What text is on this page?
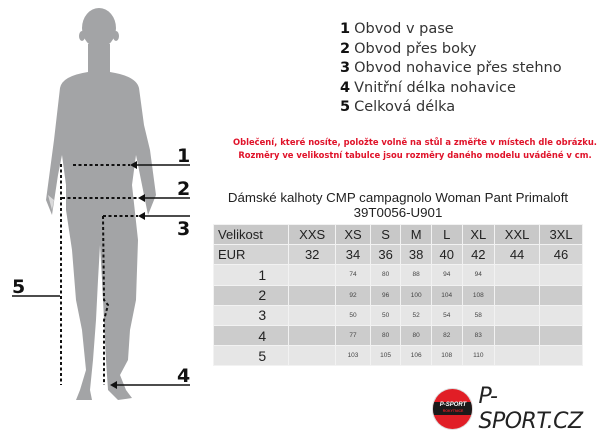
1
2
3
4
5
1 Obvod v pase
2 Obvod přes boky
3 Obvod nohavice přes stehno
4 Vnitřní délka nohavice
5 Celková délka
Oblečení, které nosíte, položte volně na stůl a změřte v místech dle obrázku.
Rozměry ve velikostní tabulce jsou rozměry daného modelu uváděné v cm.
Dámské kalhoty CMP campagnolo Woman Pant Primaloft
39T0056-U901
Velikost	XXS	XS	S	M	L	XL	XXL	3XL
EUR	32	34	36	38	40	42	44	46
1		74	80	88	94	94		
2		92	96	100	104	108		
3		50	50	52	54	58		
4		77	80	80	82	83		
5		103	105	106	108	110		
P-SPORT
ROKYTNICE
P-SPORT.CZ
